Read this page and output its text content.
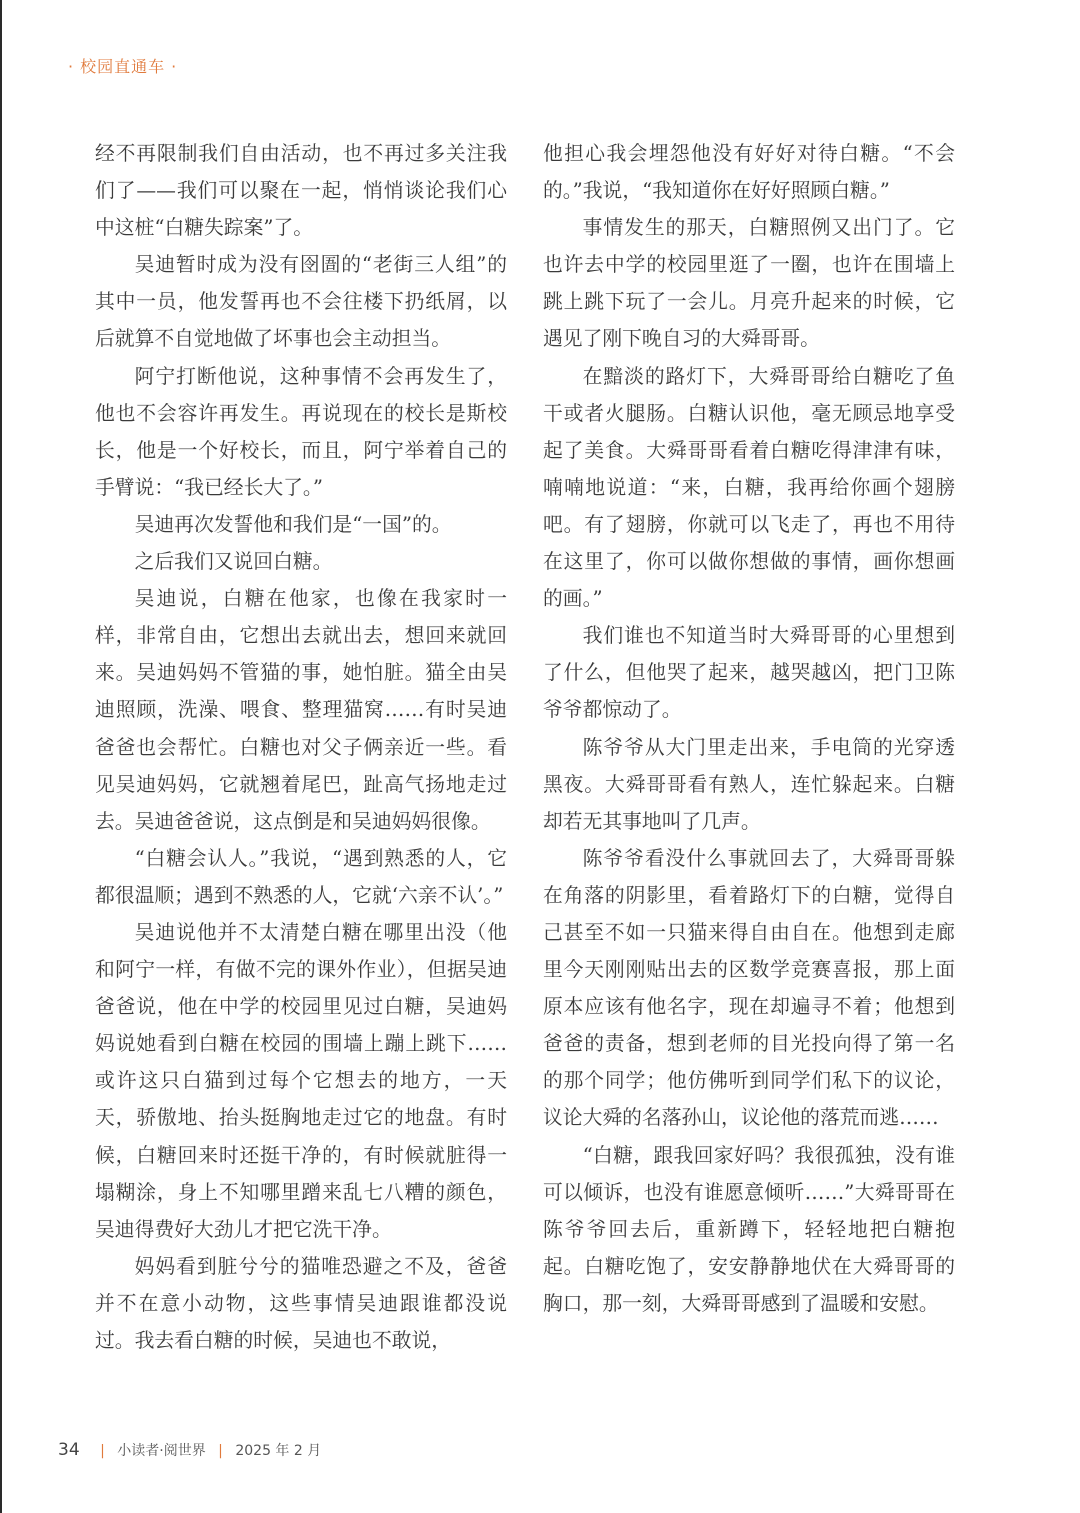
· 校园直通车 ·

经不再限制我们自由活动，也不再过多关注我们了——我们可以聚在一起，悄悄谈论我们心中这桩“白糖失踪案”了。

吴迪暂时成为没有囹圄的“老街三人组”的其中一员，他发誓再也不会往楼下扔纸屑，以后就算不自觉地做了坏事也会主动担当。

阿宁打断他说，这种事情不会再发生了，他也不会容许再发生。再说现在的校长是斯校长，他是一个好校长，而且，阿宁举着自己的手臂说：“我已经长大了。”

吴迪再次发誓他和我们是“一国”的。

之后我们又说回白糖。

吴迪说，白糖在他家，也像在我家时一样，非常自由，它想出去就出去，想回来就回来。吴迪妈妈不管猫的事，她怕脏。猫全由吴迪照顾，洗澡、喂食、整理猫窝……有时吴迪爸爸也会帮忙。白糖也对父子俩亲近一些。看见吴迪妈妈，它就翘着尾巴，趾高气扬地走过去。吴迪爸爸说，这点倒是和吴迪妈妈很像。

“白糖会认人。”我说，“遇到熟悉的人，它都很温顺；遇到不熟悉的人，它就‘六亲不认’。”

吴迪说他并不太清楚白糖在哪里出没（他和阿宁一样，有做不完的课外作业），但据吴迪爸爸说，他在中学的校园里见过白糖，吴迪妈妈说她看到白糖在校园的围墙上蹦上跳下……或许这只白猫到过每个它想去的地方，一天天，骄傲地、抬头挺胸地走过它的地盘。有时候，白糖回来时还挺干净的，有时候就脏得一塌糊涂，身上不知哪里蹭来乱七八糟的颜色，吴迪得费好大劲儿才把它洗干净。

妈妈看到脏兮兮的猫唯恐避之不及，爸爸并不在意小动物，这些事情吴迪跟谁都没说过。我去看白糖的时候，吴迪也不敢说，

他担心我会埋怨他没有好好对待白糖。“不会的。”我说，“我知道你在好好照顾白糖。”

事情发生的那天，白糖照例又出门了。它也许去中学的校园里逛了一圈，也许在围墙上跳上跳下玩了一会儿。月亮升起来的时候，它遇见了刚下晚自习的大舜哥哥。

在黯淡的路灯下，大舜哥哥给白糖吃了鱼干或者火腿肠。白糖认识他，毫无顾忌地享受起了美食。大舜哥哥看着白糖吃得津津有味，喃喃地说道：“来，白糖，我再给你画个翅膀吧。有了翅膀，你就可以飞走了，再也不用待在这里了，你可以做你想做的事情，画你想画的画。”

我们谁也不知道当时大舜哥哥的心里想到了什么，但他哭了起来，越哭越凶，把门卫陈爷爷都惊动了。

陈爷爷从大门里走出来，手电筒的光穿透黑夜。大舜哥哥看有熟人，连忙躲起来。白糖却若无其事地叫了几声。

陈爷爷看没什么事就回去了，大舜哥哥躲在角落的阴影里，看着路灯下的白糖，觉得自己甚至不如一只猫来得自由自在。他想到走廊里今天刚刚贴出去的区数学竞赛喜报，那上面原本应该有他名字，现在却遍寻不着；他想到爸爸的责备，想到老师的目光投向得了第一名的那个同学；他仿佛听到同学们私下的议论，议论大舜的名落孙山，议论他的落荒而逃……

“白糖，跟我回家好吗？我很孤独，没有谁可以倾诉，也没有谁愿意倾听……”大舜哥哥在陈爷爷回去后，重新蹲下，轻轻地把白糖抱起。白糖吃饱了，安安静静地伏在大舜哥哥的胸口，那一刻，大舜哥哥感到了温暖和安慰。

34 | 小读者·阅世界 | 2025 年 2 月
